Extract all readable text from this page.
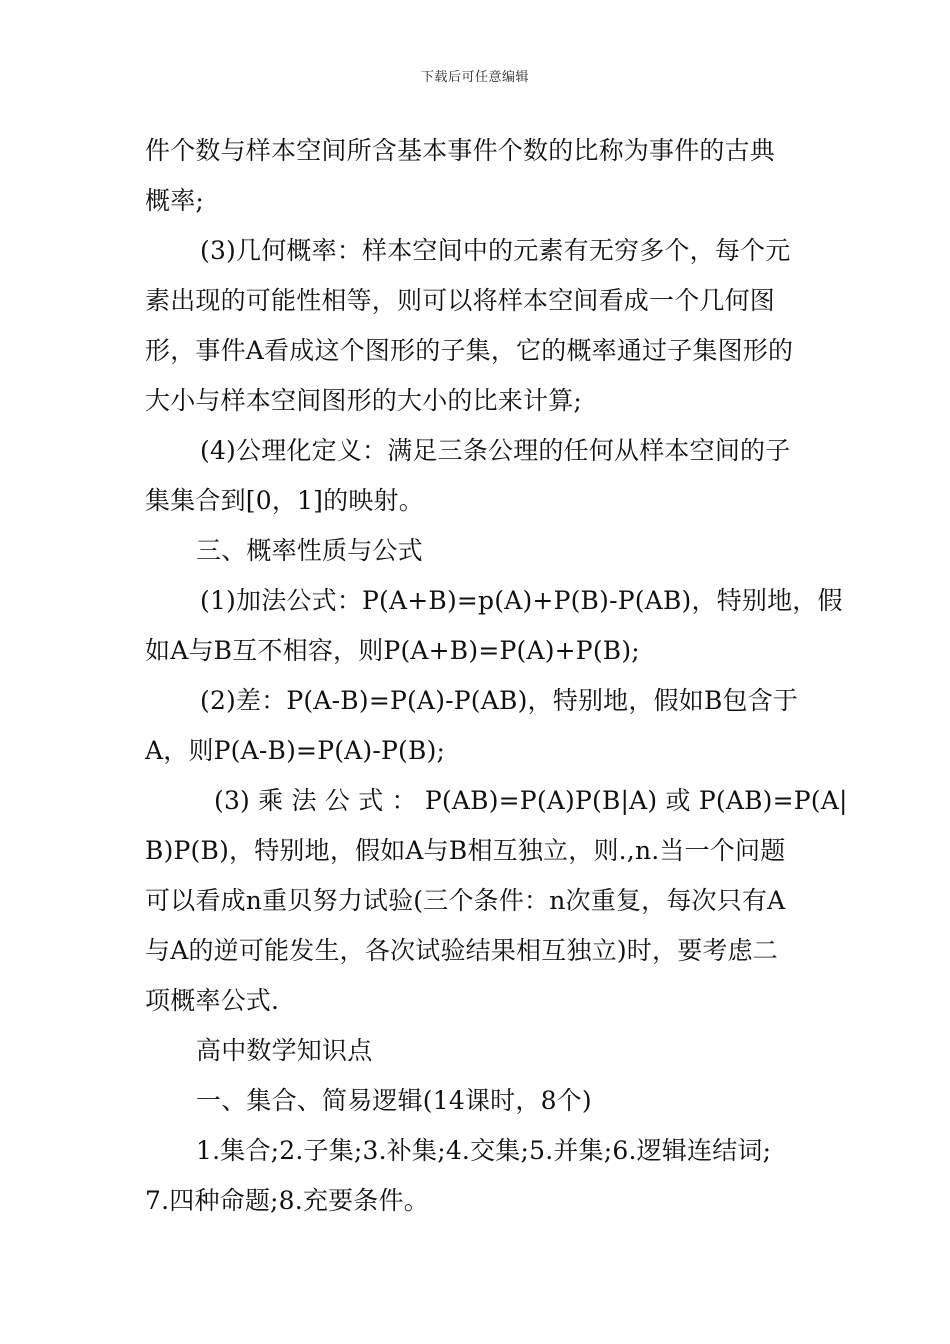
下载后可任意编辑
件个数与样本空间所含基本事件个数的比称为事件的古典
概率;
(3)几何概率：样本空间中的元素有无穷多个，每个元
素出现的可能性相等，则可以将样本空间看成一个几何图
形，事件A看成这个图形的子集，它的概率通过子集图形的
大小与样本空间图形的大小的比来计算;
(4)公理化定义：满足三条公理的任何从样本空间的子
集集合到[0，1]的映射。
三、概率性质与公式
(1)加法公式：P(A+B)=p(A)+P(B)-P(AB)，特别地，假
如A与B互不相容，则P(A+B)=P(A)+P(B);
(2)差：P(A-B)=P(A)-P(AB)，特别地，假如B包含于
A，则P(A-B)=P(A)-P(B);
(3) 乘 法 公 式 ： P(AB)=P(A)P(B|A) 或 P(AB)=P(A|
B)P(B)，特别地，假如A与B相互独立，则.,n.当一个问题
可以看成n重贝努力试验(三个条件：n次重复，每次只有A
与A的逆可能发生，各次试验结果相互独立)时，要考虑二
项概率公式.
高中数学知识点
一、集合、简易逻辑(14课时，8个)
1.集合;2.子集;3.补集;4.交集;5.并集;6.逻辑连结词;
7.四种命题;8.充要条件。
